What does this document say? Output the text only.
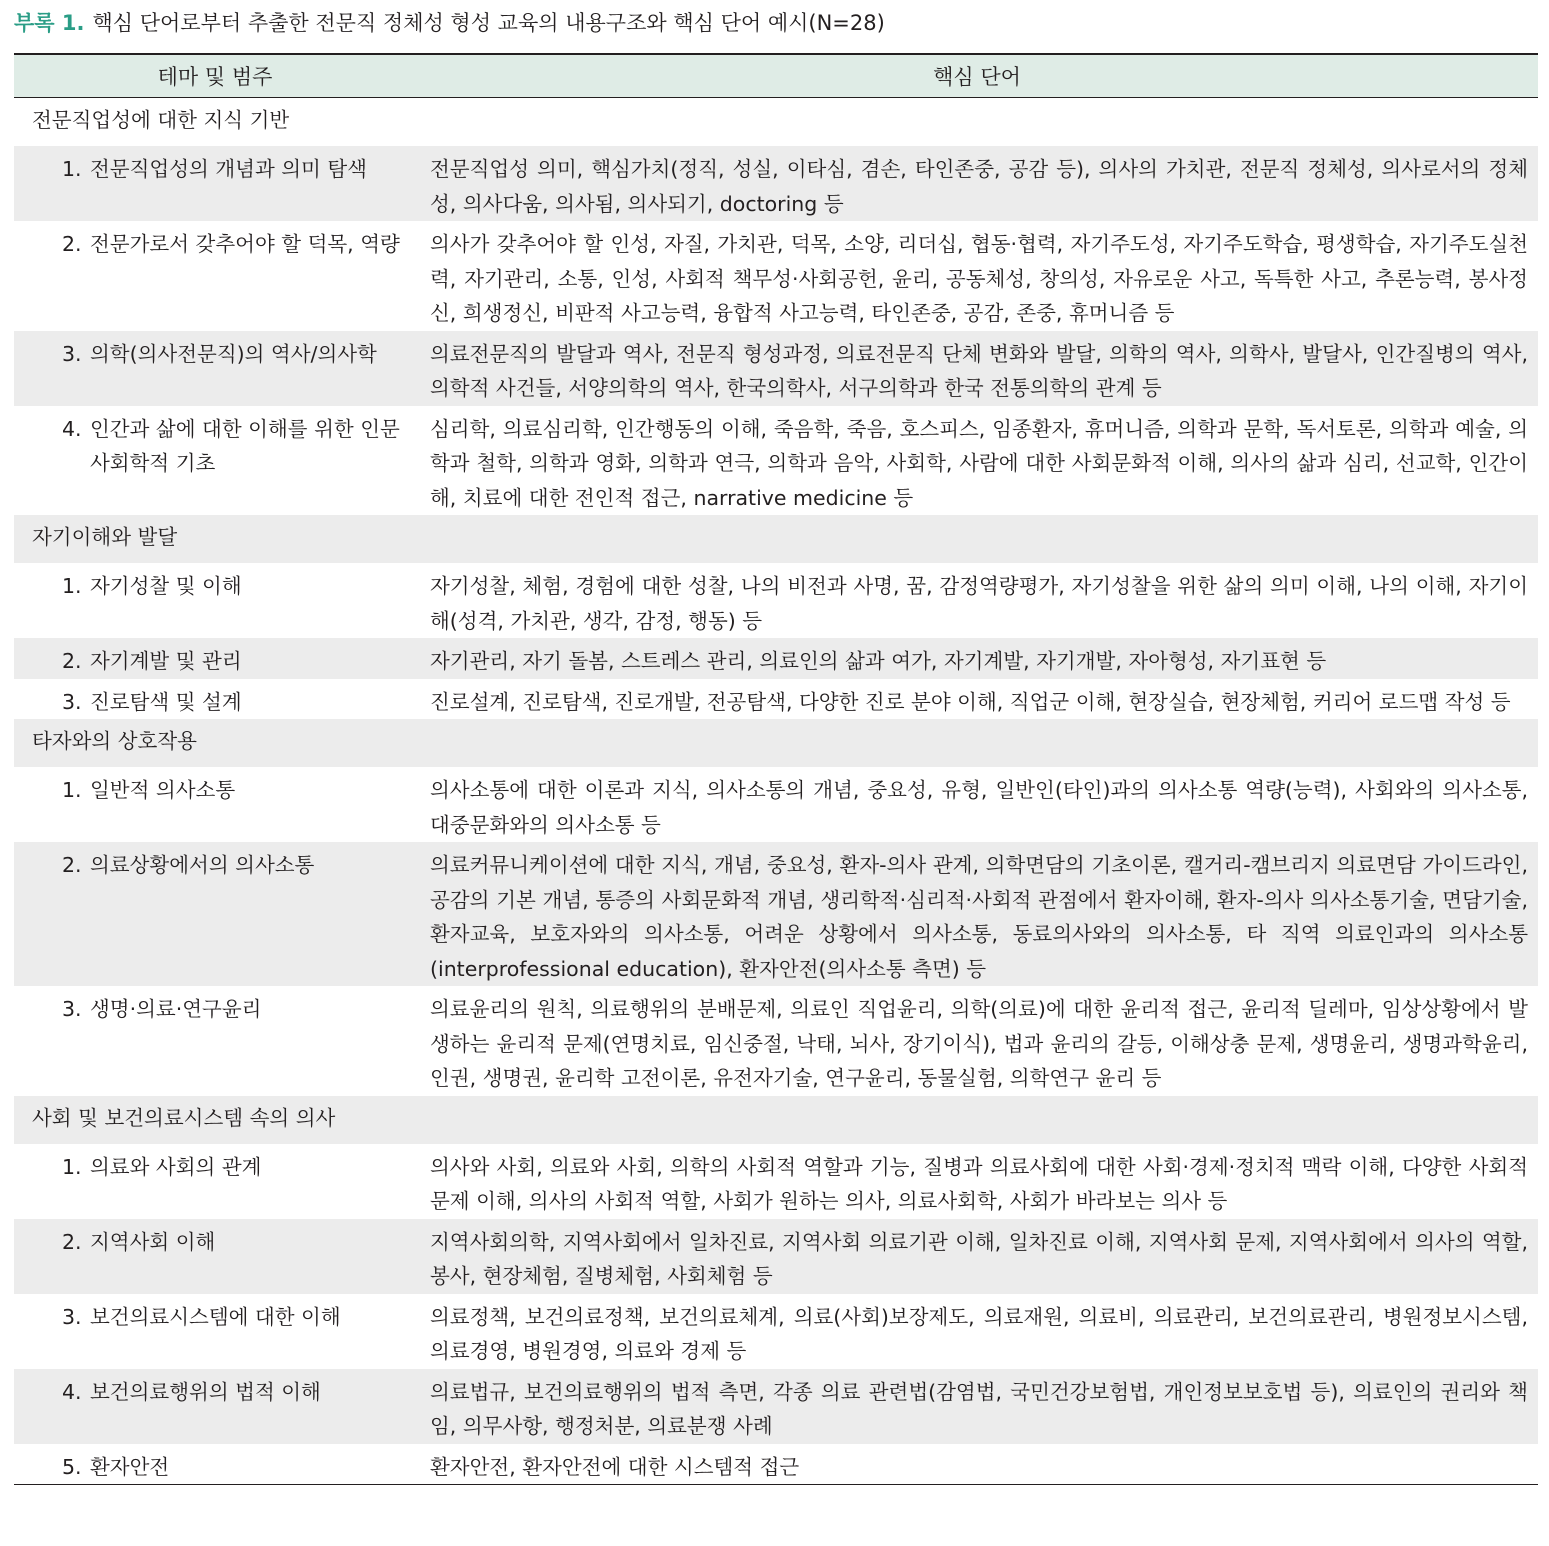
부록 1. 핵심 단어로부터 추출한 전문직 정체성 형성 교육의 내용구조와 핵심 단어 예시(N=28)
테마 및 범주	핵심 단어
전문직업성에 대한 지식 기반	

1. 전문직업성의 개념과 의미 탐색	전문직업성 의미, 핵심가치(정직, 성실, 이타심, 겸손, 타인존중, 공감 등), 의사의 가치관, 전문직 정체성, 의사로서의 정체성, 의사다움, 의사됨, 의사되기, doctoring 등

2. 전문가로서 갖추어야 할 덕목, 역량	의사가 갖추어야 할 인성, 자질, 가치관, 덕목, 소양, 리더십, 협동·협력, 자기주도성, 자기주도학습, 평생학습, 자기주도실천력, 자기관리, 소통, 인성, 사회적 책무성·사회공헌, 윤리, 공동체성, 창의성, 자유로운 사고, 독특한 사고, 추론능력, 봉사정신, 희생정신, 비판적 사고능력, 융합적 사고능력, 타인존중, 공감, 존중, 휴머니즘 등

3. 의학(의사전문직)의 역사/의사학	의료전문직의 발달과 역사, 전문직 형성과정, 의료전문직 단체 변화와 발달, 의학의 역사, 의학사, 발달사, 인간질병의 역사, 의학적 사건들, 서양의학의 역사, 한국의학사, 서구의학과 한국 전통의학의 관계 등

4. 인간과 삶에 대한 이해를 위한 인문사회학적 기초	심리학, 의료심리학, 인간행동의 이해, 죽음학, 죽음, 호스피스, 임종환자, 휴머니즘, 의학과 문학, 독서토론, 의학과 예술, 의학과 철학, 의학과 영화, 의학과 연극, 의학과 음악, 사회학, 사람에 대한 사회문화적 이해, 의사의 삶과 심리, 선교학, 인간이해, 치료에 대한 전인적 접근, narrative medicine 등
자기이해와 발달	

1. 자기성찰 및 이해	자기성찰, 체험, 경험에 대한 성찰, 나의 비전과 사명, 꿈, 감정역량평가, 자기성찰을 위한 삶의 의미 이해, 나의 이해, 자기이해(성격, 가치관, 생각, 감정, 행동) 등

2. 자기계발 및 관리	자기관리, 자기 돌봄, 스트레스 관리, 의료인의 삶과 여가, 자기계발, 자기개발, 자아형성, 자기표현 등

3. 진로탐색 및 설계	진로설계, 진로탐색, 진로개발, 전공탐색, 다양한 진로 분야 이해, 직업군 이해, 현장실습, 현장체험, 커리어 로드맵 작성 등
타자와의 상호작용	

1. 일반적 의사소통	의사소통에 대한 이론과 지식, 의사소통의 개념, 중요성, 유형, 일반인(타인)과의 의사소통 역량(능력), 사회와의 의사소통, 대중문화와의 의사소통 등

2. 의료상황에서의 의사소통	의료커뮤니케이션에 대한 지식, 개념, 중요성, 환자-의사 관계, 의학면담의 기초이론, 캘거리-캠브리지 의료면담 가이드라인, 공감의 기본 개념, 통증의 사회문화적 개념, 생리학적·심리적·사회적 관점에서 환자이해, 환자-의사 의사소통기술, 면담기술, 환자교육, 보호자와의 의사소통, 어려운 상황에서 의사소통, 동료의사와의 의사소통, 타 직역 의료인과의 의사소통(interprofessional education), 환자안전(의사소통 측면) 등

3. 생명·의료·연구윤리	의료윤리의 원칙, 의료행위의 분배문제, 의료인 직업윤리, 의학(의료)에 대한 윤리적 접근, 윤리적 딜레마, 임상상황에서 발생하는 윤리적 문제(연명치료, 임신중절, 낙태, 뇌사, 장기이식), 법과 윤리의 갈등, 이해상충 문제, 생명윤리, 생명과학윤리, 인권, 생명권, 윤리학 고전이론, 유전자기술, 연구윤리, 동물실험, 의학연구 윤리 등
사회 및 보건의료시스템 속의 의사	

1. 의료와 사회의 관계	의사와 사회, 의료와 사회, 의학의 사회적 역할과 기능, 질병과 의료사회에 대한 사회·경제·정치적 맥락 이해, 다양한 사회적 문제 이해, 의사의 사회적 역할, 사회가 원하는 의사, 의료사회학, 사회가 바라보는 의사 등

2. 지역사회 이해	지역사회의학, 지역사회에서 일차진료, 지역사회 의료기관 이해, 일차진료 이해, 지역사회 문제, 지역사회에서 의사의 역할, 봉사, 현장체험, 질병체험, 사회체험 등

3. 보건의료시스템에 대한 이해	의료정책, 보건의료정책, 보건의료체계, 의료(사회)보장제도, 의료재원, 의료비, 의료관리, 보건의료관리, 병원정보시스템, 의료경영, 병원경영, 의료와 경제 등

4. 보건의료행위의 법적 이해	의료법규, 보건의료행위의 법적 측면, 각종 의료 관련법(감염법, 국민건강보험법, 개인정보보호법 등), 의료인의 권리와 책임, 의무사항, 행정처분, 의료분쟁 사례

5. 환자안전	환자안전, 환자안전에 대한 시스템적 접근
